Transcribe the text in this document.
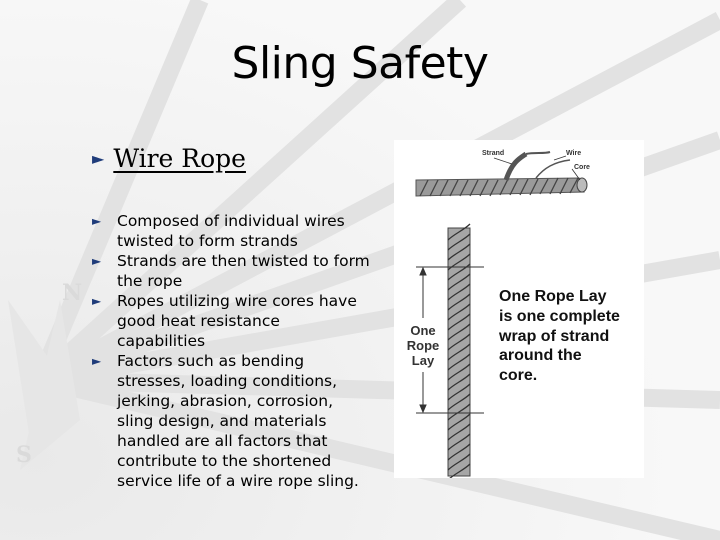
N
S
Sling Safety
► Wire Rope
► Composed of individual wires twisted to form strands
► Strands are then twisted to form the rope
► Ropes utilizing wire cores have good heat resistance capabilities
► Factors such as bending stresses, loading conditions, jerking, abrasion, corrosion, sling design, and materials handled are all factors that contribute to the shortened service life of a wire rope sling.
Strand	Wire
Core
One
Rope
Lay
One Rope Lay
is one complete
wrap of strand
around the
core.
